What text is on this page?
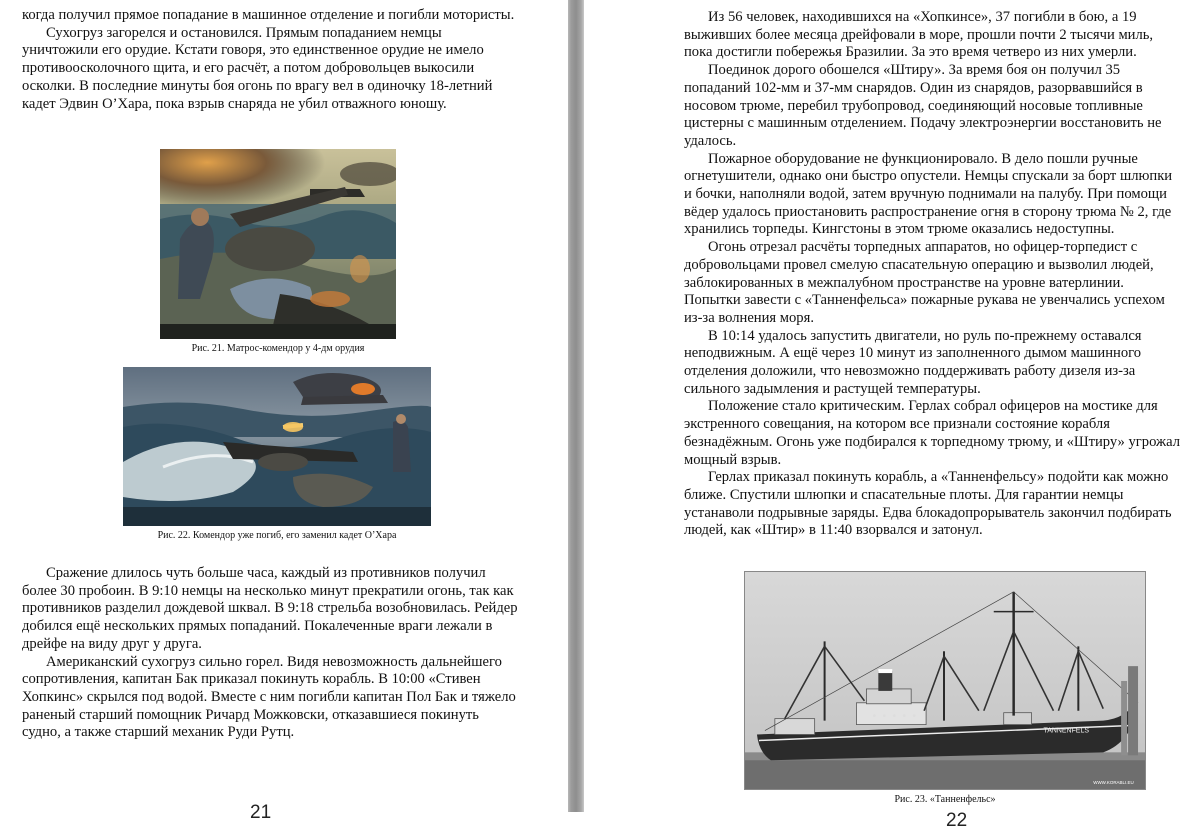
когда получил прямое попадание в машинное отделение и погибли мотористы.

Сухогруз загорелся и остановился. Прямым попаданием немцы уничтожили его орудие. Кстати говоря, это единственное орудие не имело противоосколочного щита, и его расчёт, а потом добровольцев выкосили осколки. В последние минуты боя огонь по врагу вел в одиночку 18-летний кадет Эдвин О’Хара, пока взрыв снаряда не убил отважного юношу.

Рис. 21. Матрос-комендор у 4-дм орудия
Рис. 22. Комендор уже погиб, его заменил кадет О’Хара

Сражение длилось чуть больше часа, каждый из противников получил более 30 пробоин. В 9:10 немцы на несколько минут прекратили огонь, так как противников разделил дождевой шквал. В 9:18 стрельба возобновилась. Рейдер добился ещё нескольких прямых попаданий. Покалеченные враги лежали в дрейфе на виду друг у друга.

Американский сухогруз сильно горел. Видя невозможность дальнейшего сопротивления, капитан Бак приказал покинуть корабль. В 10:00 «Стивен Хопкинс» скрылся под водой. Вместе с ним погибли капитан Пол Бак и тяжело раненый старший помощник Ричард Можковски, отказавшиеся покинуть судно, а также старший механик Руди Рутц.

21

Из 56 человек, находившихся на «Хопкинсе», 37 погибли в бою, а 19 выживших более месяца дрейфовали в море, прошли почти 2 тысячи миль, пока достигли побережья Бразилии. За это время четверо из них умерли.

Поединок дорого обошелся «Штиру». За время боя он получил 35 попаданий 102-мм и 37-мм снарядов. Один из снарядов, разорвавшийся в носовом трюме, перебил трубопровод, соединяющий носовые топливные цистерны с машинным отделением. Подачу электроэнергии восстановить не удалось.

Пожарное оборудование не функционировало. В дело пошли ручные огнетушители, однако они быстро опустели. Немцы спускали за борт шлюпки и бочки, наполняли водой, затем вручную поднимали на палубу. При помощи вёдер удалось приостановить распространение огня в сторону трюма № 2, где хранились торпеды. Кингстоны в этом трюме оказались недоступны.

Огонь отрезал расчёты торпедных аппаратов, но офицер-торпедист с добровольцами провел смелую спасательную операцию и вызволил людей, заблокированных в межпалубном пространстве на уровне ватерлинии. Попытки завести с «Танненфельса» пожарные рукава не увенчались успехом из-за волнения моря.

В 10:14 удалось запустить двигатели, но руль по-прежнему оставался неподвижным. А ещё через 10 минут из заполненного дымом машинного отделения доложили, что невозможно поддерживать работу дизеля из-за сильного задымления и растущей температуры.

Положение стало критическим. Герлах собрал офицеров на мостике для экстренного совещания, на котором все признали состояние корабля безнадёжным. Огонь уже подбирался к торпедному трюму, и «Штиру» угрожал мощный взрыв.

Герлах приказал покинуть корабль, а «Танненфельсу» подойти как можно ближе. Спустили шлюпки и спасательные плоты. Для гарантии немцы устанаволи подрывные заряды. Едва блокадопрорыватель закончил подбирать людей, как «Штир» в 11:40 взорвался и затонул.

TANNENFELS
WWW.KORABLI.EU
Рис. 23. «Танненфельс»
22
